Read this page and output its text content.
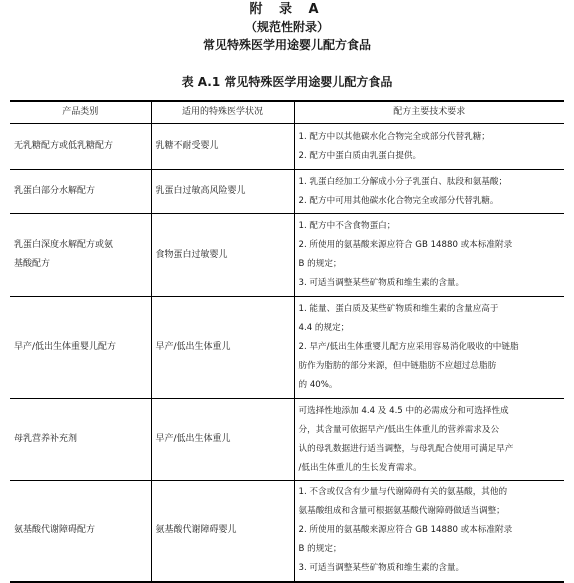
附 录 A
（规范性附录）
常见特殊医学用途婴儿配方食品
表 A.1 常见特殊医学用途婴儿配方食品
产品类别	适用的特殊医学状况	配方主要技术要求

无乳糖配方或低乳糖配方	乳糖不耐受婴儿	1. 配方中以其他碳水化合物完全或部分代替乳糖；
2. 配方中蛋白质由乳蛋白提供。

乳蛋白部分水解配方	乳蛋白过敏高风险婴儿	1. 乳蛋白经加工分解成小分子乳蛋白、肽段和氨基酸；
2. 配方中可用其他碳水化合物完全或部分代替乳糖。

乳蛋白深度水解配方或氨
基酸配方	食物蛋白过敏婴儿	1. 配方中不含食物蛋白；
2. 所使用的氨基酸来源应符合 GB 14880 或本标准附录
B 的规定；
3. 可适当调整某些矿物质和维生素的含量。

早产/低出生体重婴儿配方	早产/低出生体重儿	1. 能量、蛋白质及某些矿物质和维生素的含量应高于
4.4 的规定；
2. 早产/低出生体重婴儿配方应采用容易消化吸收的中链脂
肪作为脂肪的部分来源，但中链脂肪不应超过总脂肪
的 40%。

母乳营养补充剂	早产/低出生体重儿	可选择性地添加 4.4 及 4.5 中的必需成分和可选择性成
分，其含量可依据早产/低出生体重儿的营养需求及公
认的母乳数据进行适当调整，与母乳配合使用可满足早产
/低出生体重儿的生长发育需求。

氨基酸代谢障碍配方	氨基酸代谢障碍婴儿	1. 不含或仅含有少量与代谢障碍有关的氨基酸，其他的
氨基酸组成和含量可根据氨基酸代谢障碍做适当调整；
2. 所使用的氨基酸来源应符合 GB 14880 或本标准附录
B 的规定；
3. 可适当调整某些矿物质和维生素的含量。
